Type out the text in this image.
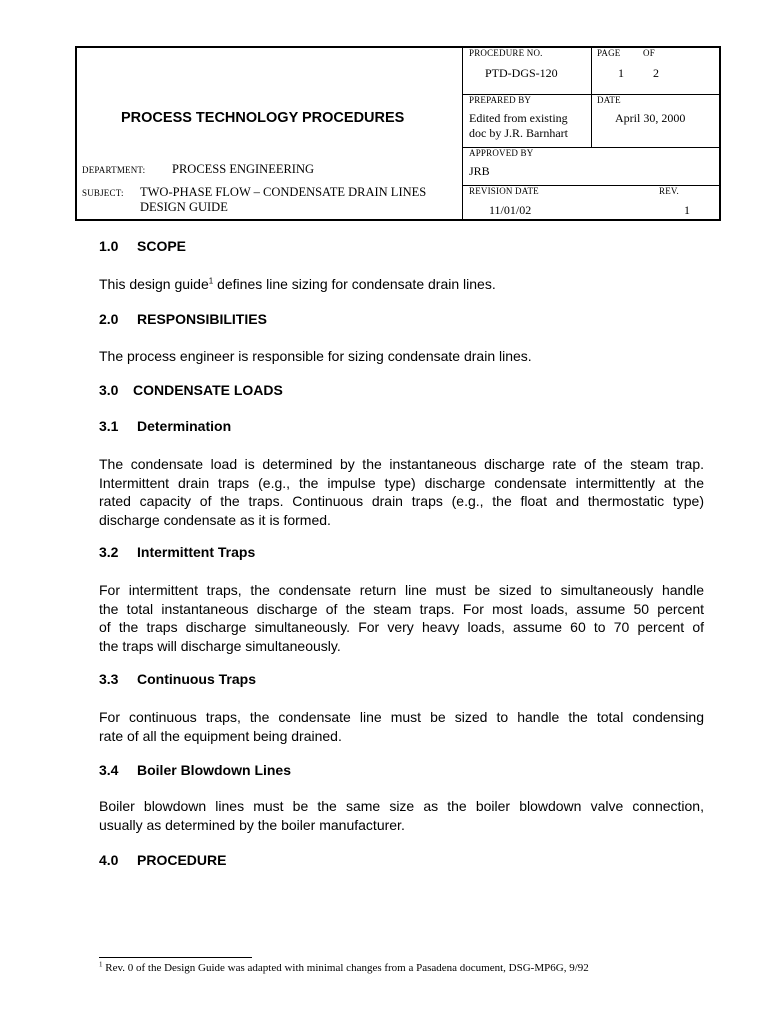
PROCESS TECHNOLOGY PROCEDURES
DEPARTMENT: PROCESS ENGINEERING
SUBJECT: TWO-PHASE FLOW – CONDENSATE DRAIN LINES
DESIGN GUIDE
PROCEDURE NO.
PTD-DGS-120
PAGE	OF
1 2
PREPARED BY
Edited from existing
doc by J.R. Barnhart
DATE
April 30, 2000
APPROVED BY
JRB
REVISION DATE
11/01/02
REV.
1
1.0 SCOPE
This design guide$^1$ defines line sizing for condensate drain lines.
2.0 RESPONSIBILITIES
The process engineer is responsible for sizing condensate drain lines.
3.0 CONDENSATE LOADS
3.1 Determination
The condensate load is determined by the instantaneous discharge rate of the steam trap.
Intermittent drain traps (e.g., the impulse type) discharge condensate intermittently at the
rated capacity of the traps. Continuous drain traps (e.g., the float and thermostatic type)
discharge condensate as it is formed.
3.2 Intermittent Traps
For intermittent traps, the condensate return line must be sized to simultaneously handle
the total instantaneous discharge of the steam traps. For most loads, assume 50 percent
of the traps discharge simultaneously. For very heavy loads, assume 60 to 70 percent of
the traps will discharge simultaneously.
3.3 Continuous Traps
For continuous traps, the condensate line must be sized to handle the total condensing
rate of all the equipment being drained.
3.4 Boiler Blowdown Lines
Boiler blowdown lines must be the same size as the boiler blowdown valve connection,
usually as determined by the boiler manufacturer.
4.0 PROCEDURE
$^1$ Rev. 0 of the Design Guide was adapted with minimal changes from a Pasadena document, DSG-MP6G, 9/92
